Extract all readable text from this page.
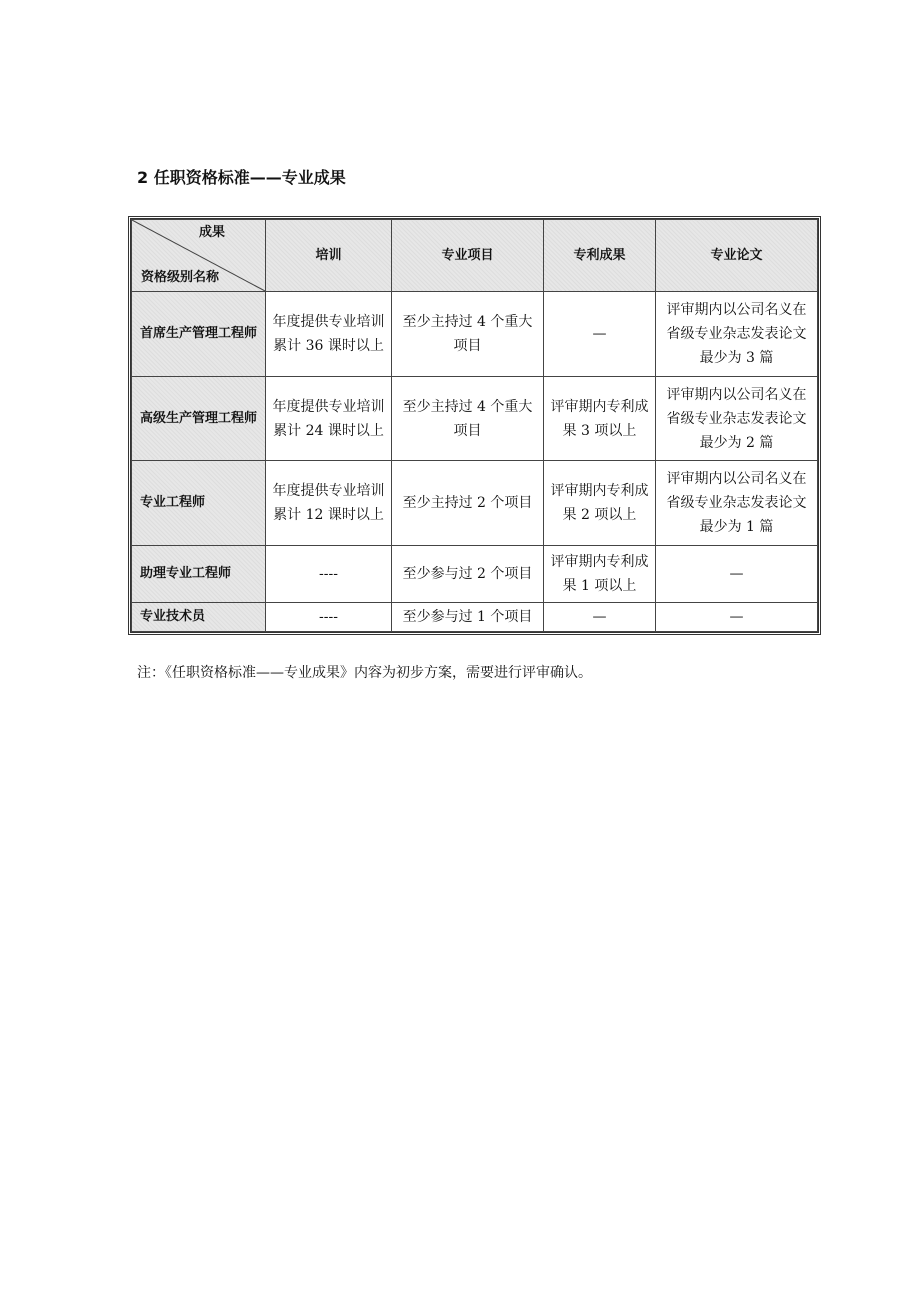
2 任职资格标准——专业成果
成果
资格级别名称	培训	专业项目	专利成果	专业论文
首席生产管理工程师	年度提供专业培训累计 36 课时以上	至少主持过 4 个重大项目	—	评审期内以公司名义在省级专业杂志发表论文最少为 3 篇
高级生产管理工程师	年度提供专业培训累计 24 课时以上	至少主持过 4 个重大项目	评审期内专利成果 3 项以上	评审期内以公司名义在省级专业杂志发表论文最少为 2 篇
专业工程师	年度提供专业培训累计 12 课时以上	至少主持过 2 个项目	评审期内专利成果 2 项以上	评审期内以公司名义在省级专业杂志发表论文最少为 1 篇
助理专业工程师	----	至少参与过 2 个项目	评审期内专利成果 1 项以上	—
专业技术员	----	至少参与过 1 个项目	—	—

注：《任职资格标准——专业成果》内容为初步方案，需要进行评审确认。
